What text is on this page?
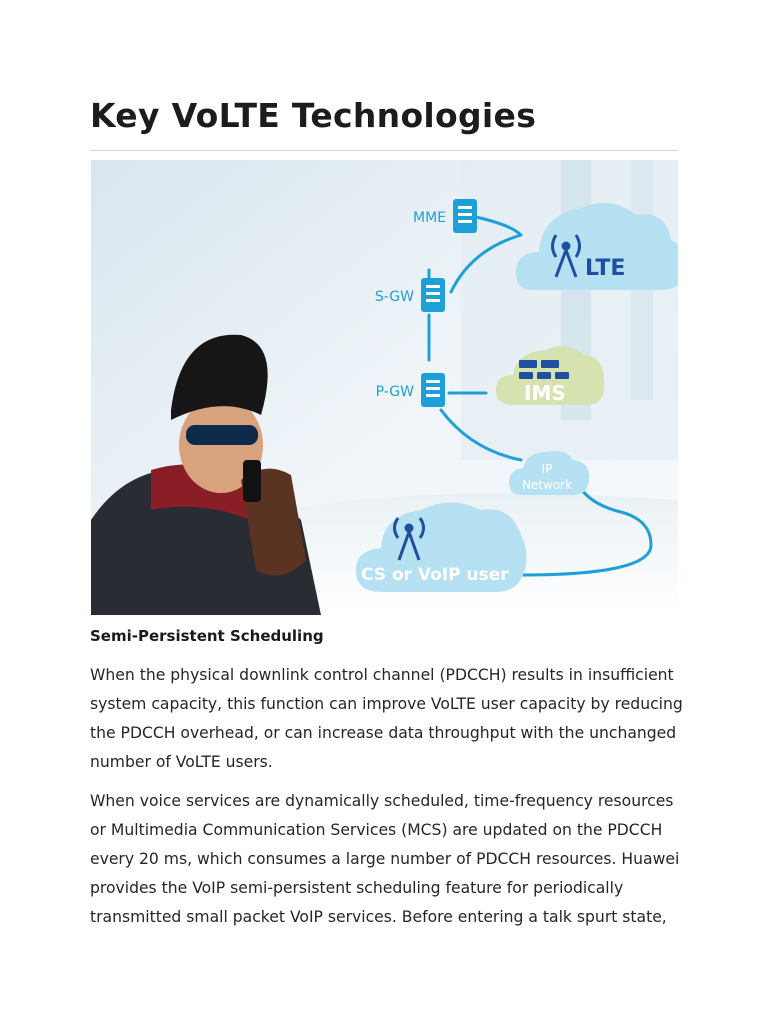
Key VoLTE Technologies
MME
S-GW
P-GW
LTE
IMS
IP
Network
CS or VoIP user
Semi-Persistent Scheduling

When the physical downlink control channel (PDCCH) results in insufficient system capacity, this function can improve VoLTE user capacity by reducing the PDCCH overhead, or can increase data throughput with the unchanged number of VoLTE users.

When voice services are dynamically scheduled, time-frequency resources or Multimedia Communication Services (MCS) are updated on the PDCCH every 20 ms, which consumes a large number of PDCCH resources. Huawei provides the VoIP semi-persistent scheduling feature for periodically transmitted small packet VoIP services. Before entering a talk spurt state,
